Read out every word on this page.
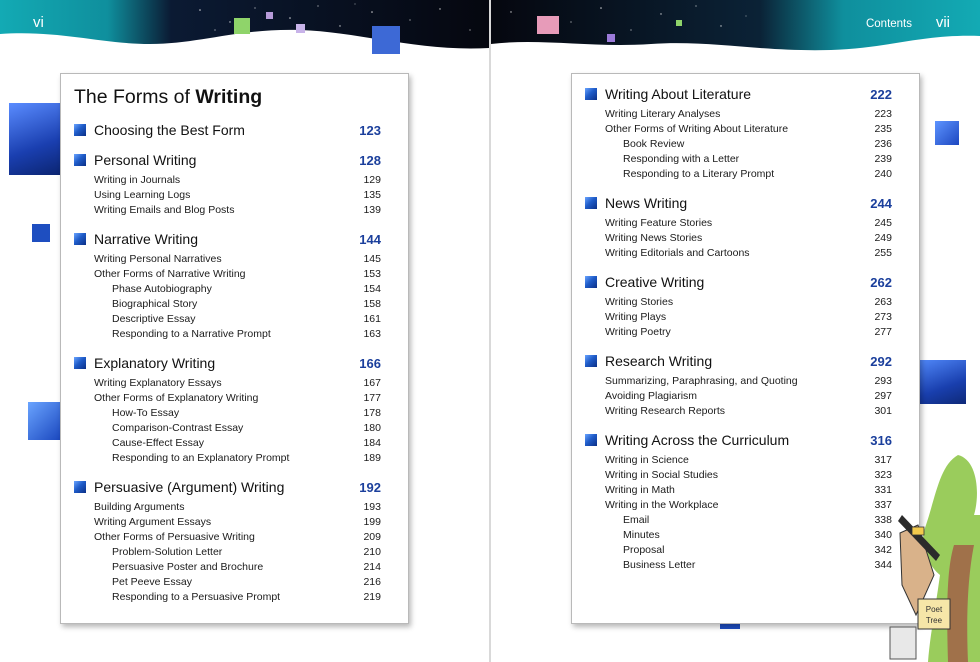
vi	Contents vii
The Forms of Writing
Choosing the Best Form	123
Personal Writing	128
Writing in Journals	129
Using Learning Logs	135
Writing Emails and Blog Posts	139
Narrative Writing	144
Writing Personal Narratives	145
Other Forms of Narrative Writing	153
Phase Autobiography	154
Biographical Story	158
Descriptive Essay	161
Responding to a Narrative Prompt	163
Explanatory Writing	166
Writing Explanatory Essays	167
Other Forms of Explanatory Writing	177
How-To Essay	178
Comparison-Contrast Essay	180
Cause-Effect Essay	184
Responding to an Explanatory Prompt	189
Persuasive (Argument) Writing	192
Building Arguments	193
Writing Argument Essays	199
Other Forms of Persuasive Writing	209
Problem-Solution Letter	210
Persuasive Poster and Brochure	214
Pet Peeve Essay	216
Responding to a Persuasive Prompt	219
Writing About Literature	222
Writing Literary Analyses	223
Other Forms of Writing About Literature	235
Book Review	236
Responding with a Letter	239
Responding to a Literary Prompt	240
News Writing	244
Writing Feature Stories	245
Writing News Stories	249
Writing Editorials and Cartoons	255
Creative Writing	262
Writing Stories	263
Writing Plays	273
Writing Poetry	277
Research Writing	292
Summarizing, Paraphrasing, and Quoting	293
Avoiding Plagiarism	297
Writing Research Reports	301
Writing Across the Curriculum	316
Writing in Science	317
Writing in Social Studies	323
Writing in Math	331
Writing in the Workplace	337
Email	338
Minutes	340
Proposal	342
Business Letter	344
Poet
Tree
